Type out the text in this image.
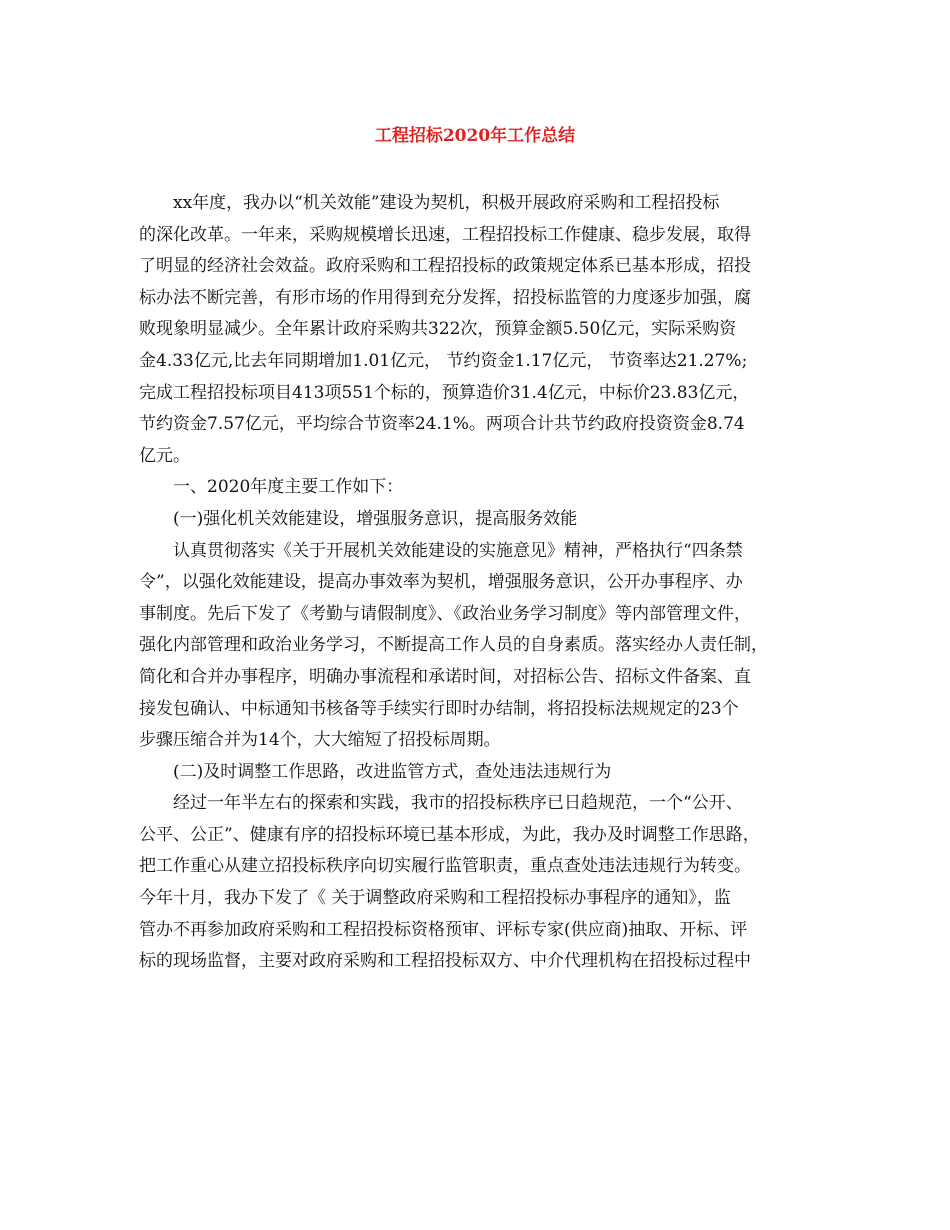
工程招标2020年工作总结
xx年度，我办以“机关效能”建设为契机，积极开展政府采购和工程招投标
的深化改革。一年来，采购规模增长迅速，工程招投标工作健康、稳步发展，取得
了明显的经济社会效益。政府采购和工程招投标的政策规定体系已基本形成，招投
标办法不断完善，有形市场的作用得到充分发挥，招投标监管的力度逐步加强，腐
败现象明显减少。全年累计政府采购共322次，预算金额5.50亿元，实际采购资
金4.33亿元,比去年同期增加1.01亿元， 节约资金1.17亿元， 节资率达21.27%;
完成工程招投标项目413项551个标的，预算造价31.4亿元，中标价23.83亿元，
节约资金7.57亿元，平均综合节资率24.1%。两项合计共节约政府投资资金8.74
亿元。
一、2020年度主要工作如下：
(一)强化机关效能建设，增强服务意识，提高服务效能
认真贯彻落实《关于开展机关效能建设的实施意见》精神，严格执行“四条禁
令”，以强化效能建设，提高办事效率为契机，增强服务意识，公开办事程序、办
事制度。先后下发了《考勤与请假制度》、《政治业务学习制度》等内部管理文件，
强化内部管理和政治业务学习，不断提高工作人员的自身素质。落实经办人责任制，
简化和合并办事程序，明确办事流程和承诺时间，对招标公告、招标文件备案、直
接发包确认、中标通知书核备等手续实行即时办结制，将招投标法规规定的23个
步骤压缩合并为14个，大大缩短了招投标周期。
(二)及时调整工作思路，改进监管方式，查处违法违规行为
经过一年半左右的探索和实践，我市的招投标秩序已日趋规范，一个“公开、
公平、公正”、健康有序的招投标环境已基本形成，为此，我办及时调整工作思路，
把工作重心从建立招投标秩序向切实履行监管职责，重点查处违法违规行为转变。
今年十月，我办下发了《 关于调整政府采购和工程招投标办事程序的通知》，监
管办不再参加政府采购和工程招投标资格预审、评标专家(供应商)抽取、开标、评
标的现场监督，主要对政府采购和工程招投标双方、中介代理机构在招投标过程中
